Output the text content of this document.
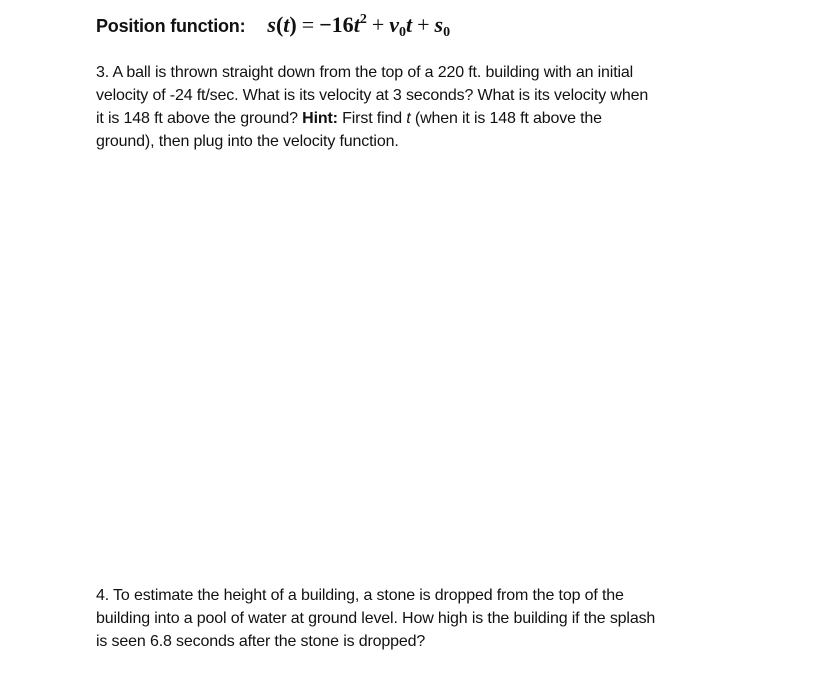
Position function: $s(t) = -16t^2 + v_0t + s_0$
3. A ball is thrown straight down from the top of a 220 ft. building with an initial
velocity of -24 ft/sec. What is its velocity at 3 seconds? What is its velocity when
it is 148 ft above the ground? Hint: First find t (when it is 148 ft above the
ground), then plug into the velocity function.
4. To estimate the height of a building, a stone is dropped from the top of the
building into a pool of water at ground level. How high is the building if the splash
is seen 6.8 seconds after the stone is dropped?
